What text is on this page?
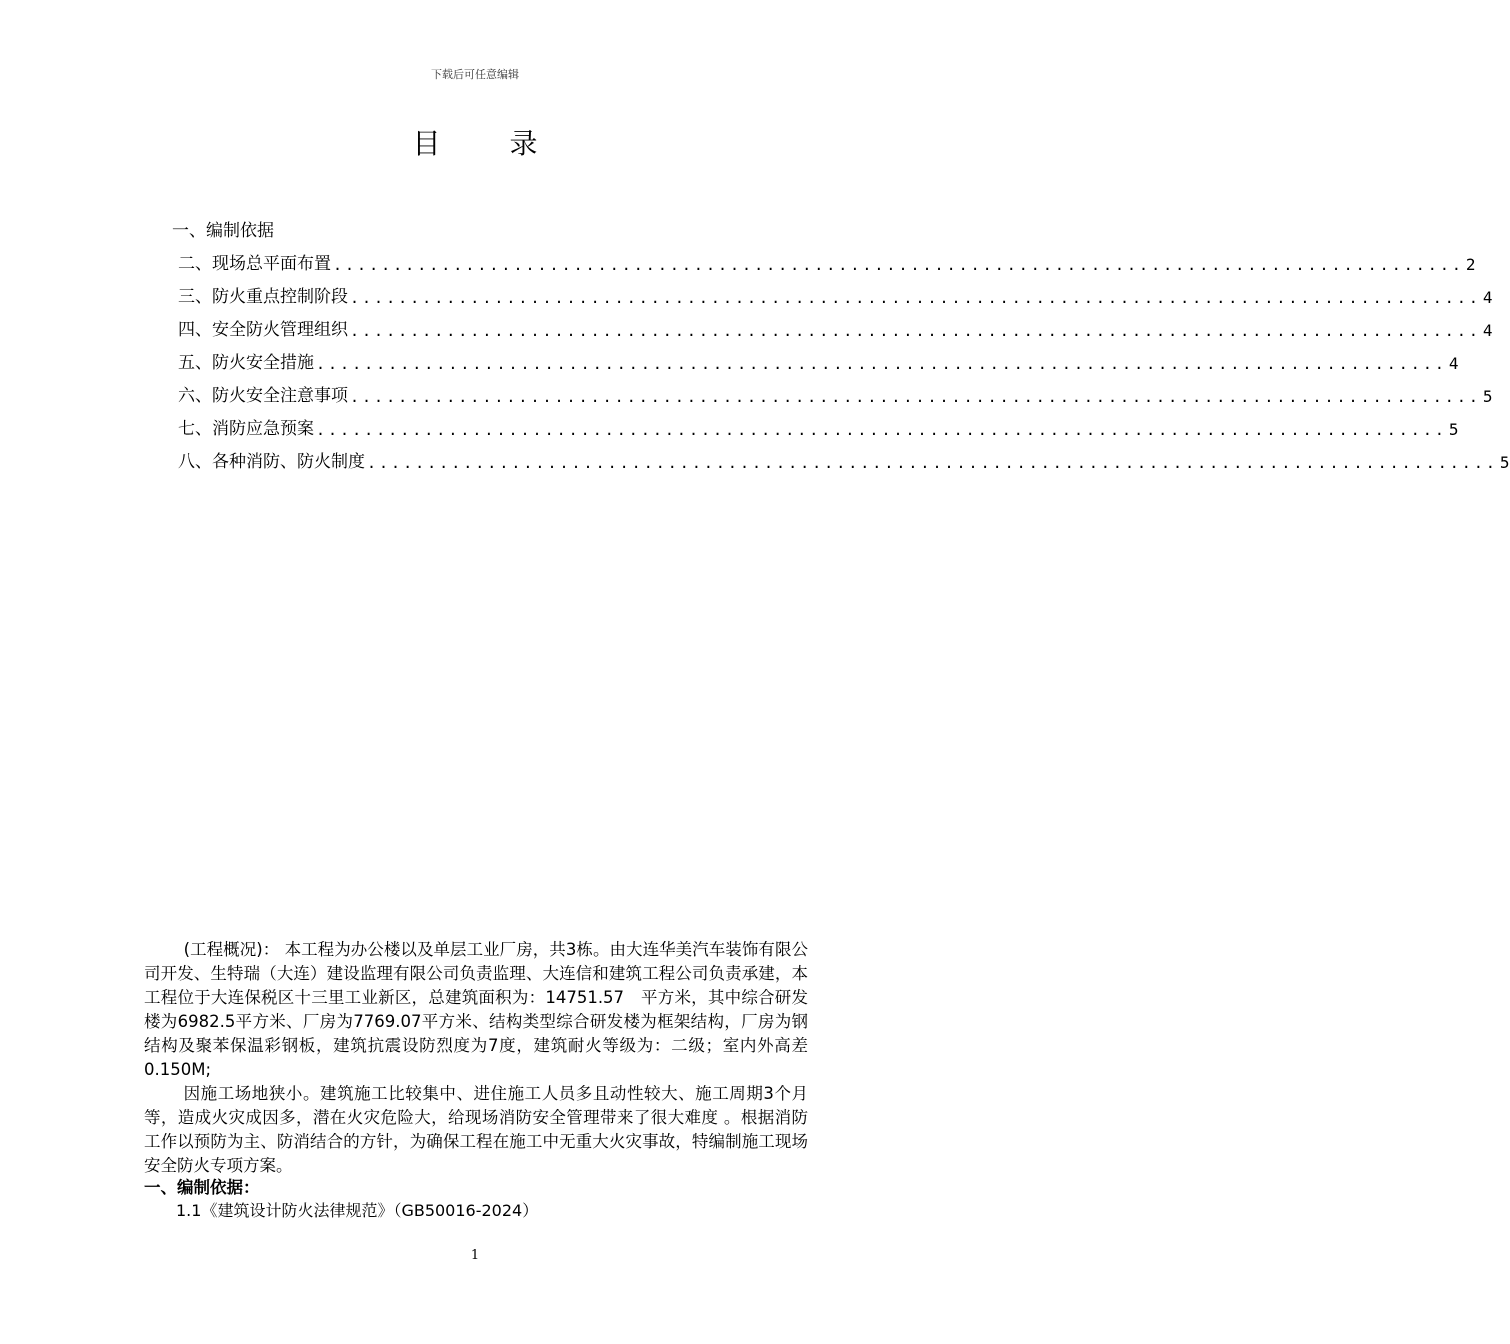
下载后可任意编辑
目 录
一、编制依据
二、现场总平面布置 .............................................................................................. 2
三、防火重点控制阶段 .............................................................................................. 4
四、安全防火管理组织 .............................................................................................. 4
五、防火安全措施 .............................................................................................. 4
六、防火安全注意事项 .............................................................................................. 5
七、消防应急预案 .............................................................................................. 5
八、各种消防、防火制度 .............................................................................................. 5

(工程概况)： 本工程为办公楼以及单层工业厂房，共3栋。由大连华美汽车装饰有限公司开发、生特瑞（大连）建设监理有限公司负责监理、大连信和建筑工程公司负责承建，本工程位于大连保税区十三里工业新区，总建筑面积为：14751.57　平方米，其中综合研发楼为6982.5平方米、厂房为7769.07平方米、结构类型综合研发楼为框架结构，厂房为钢结构及聚苯保温彩钢板，建筑抗震设防烈度为7度，建筑耐火等级为：二级；室内外高差0.150M;

因施工场地狭小。建筑施工比较集中、进住施工人员多且动性较大、施工周期3个月等，造成火灾成因多，潜在火灾危险大，给现场消防安全管理带来了很大难度 。根据消防工作以预防为主、防消结合的方针，为确保工程在施工中无重大火灾事故，特编制施工现场安全防火专项方案。

一、编制依据：
1.1《建筑设计防火法律规范》（GB50016-2024）
1
